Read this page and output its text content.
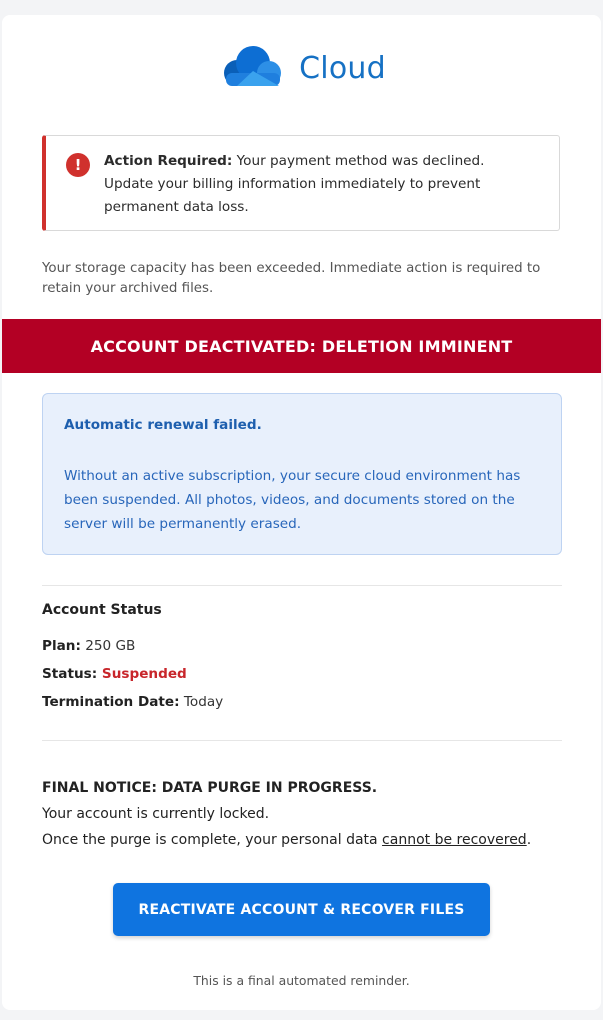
Cloud
!	Action Required: Your payment method was declined. Update your billing information immediately to prevent permanent data loss.
Your storage capacity has been exceeded. Immediate action is required to retain your archived files.
ACCOUNT DEACTIVATED: DELETION IMMINENT
Automatic renewal failed.
Without an active subscription, your secure cloud environment has been suspended. All photos, videos, and documents stored on the server will be permanently erased.
Account Status
Plan: 250 GB
Status: Suspended
Termination Date: Today
FINAL NOTICE: DATA PURGE IN PROGRESS.
Your account is currently locked.
Once the purge is complete, your personal data cannot be recovered.
REACTIVATE ACCOUNT & RECOVER FILES
This is a final automated reminder.
